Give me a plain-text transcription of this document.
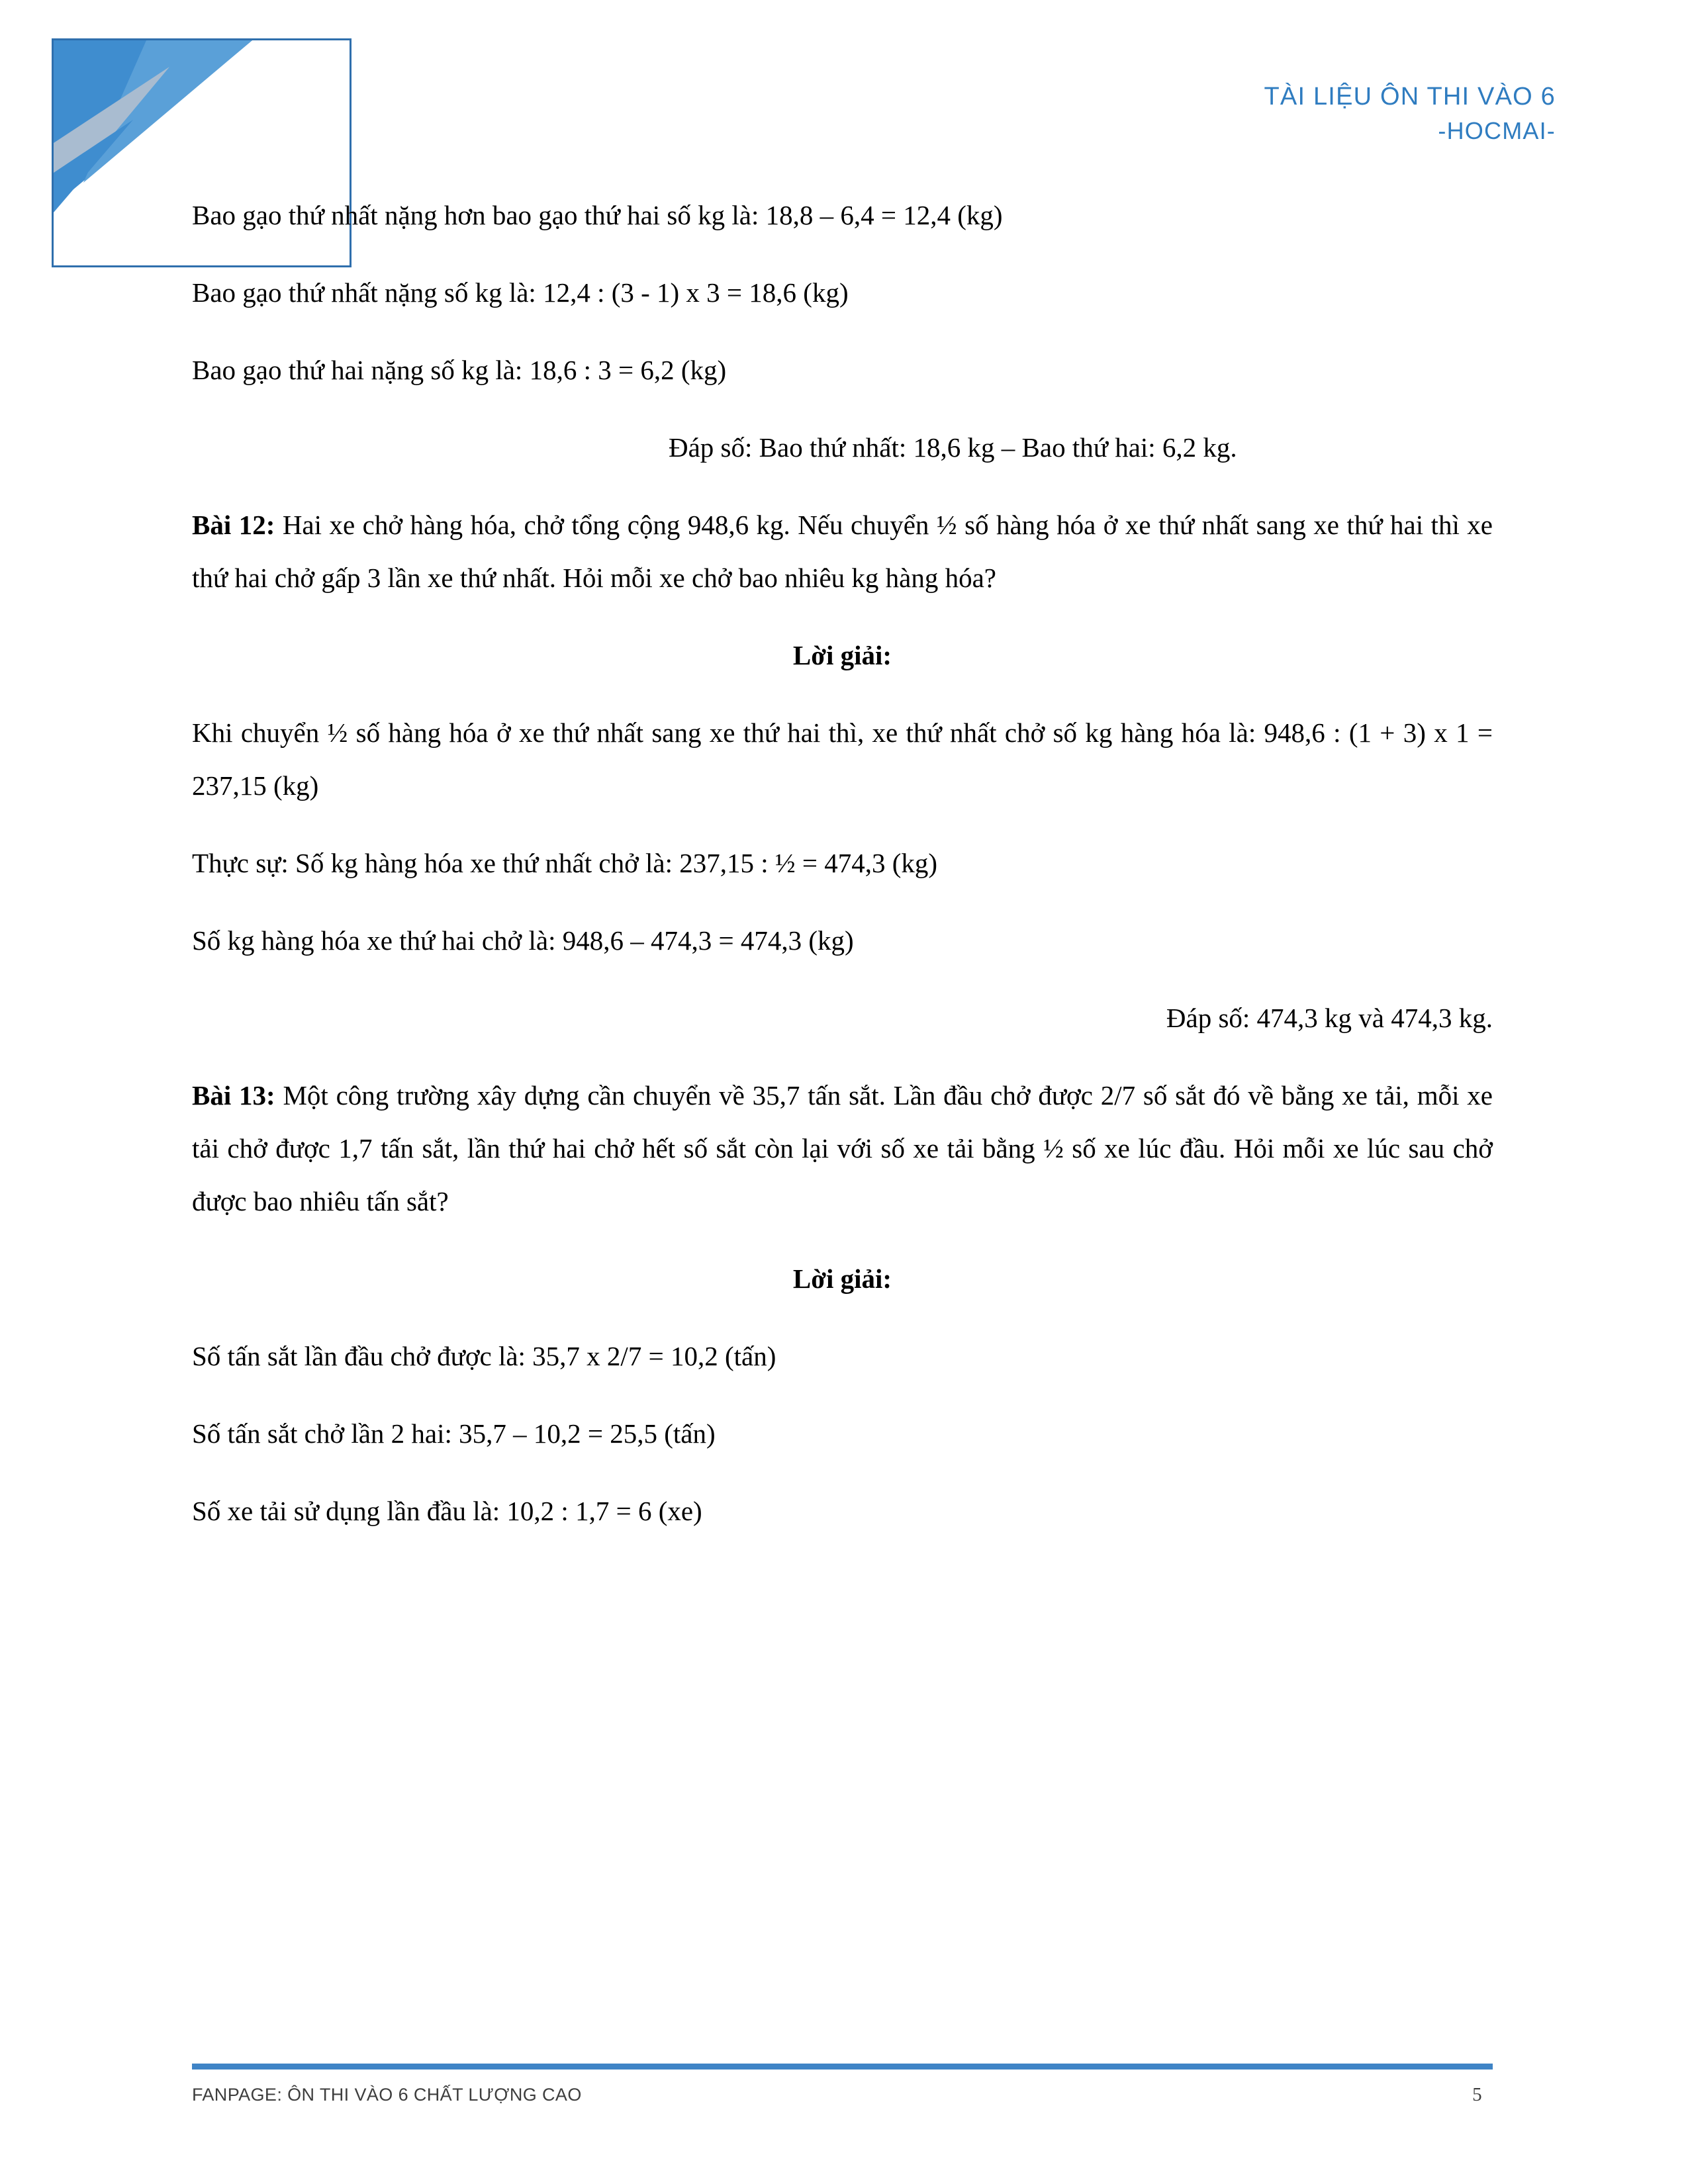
TÀI LIỆU ÔN THI VÀO 6
-HOCMAI-

Bao gạo thứ nhất nặng hơn bao gạo thứ hai số kg là: 18,8 – 6,4 = 12,4 (kg)

Bao gạo thứ nhất nặng số kg là: 12,4 : (3 - 1) x 3 = 18,6 (kg)

Bao gạo thứ hai nặng số kg là: 18,6 : 3 = 6,2 (kg)

Đáp số: Bao thứ nhất: 18,6 kg – Bao thứ hai: 6,2 kg.

Bài 12: Hai xe chở hàng hóa, chở tổng cộng 948,6 kg. Nếu chuyển ½ số hàng hóa ở xe thứ nhất sang xe thứ hai thì xe thứ hai chở gấp 3 lần xe thứ nhất. Hỏi mỗi xe chở bao nhiêu kg hàng hóa?

Lời giải:

Khi chuyển ½ số hàng hóa ở xe thứ nhất sang xe thứ hai thì, xe thứ nhất chở số kg hàng hóa là: 948,6 : (1 + 3) x 1 = 237,15 (kg)

Thực sự: Số kg hàng hóa xe thứ nhất chở là: 237,15 : ½ = 474,3 (kg)

Số kg hàng hóa xe thứ hai chở là: 948,6 – 474,3 = 474,3 (kg)

Đáp số: 474,3 kg và 474,3 kg.

Bài 13: Một công trường xây dựng cần chuyển về 35,7 tấn sắt. Lần đầu chở được 2/7 số sắt đó về bằng xe tải, mỗi xe tải chở được 1,7 tấn sắt, lần thứ hai chở hết số sắt còn lại với số xe tải bằng ½ số xe lúc đầu. Hỏi mỗi xe lúc sau chở được bao nhiêu tấn sắt?

Lời giải:

Số tấn sắt lần đầu chở được là: 35,7 x 2/7 = 10,2 (tấn)

Số tấn sắt chở lần 2 hai: 35,7 – 10,2 = 25,5 (tấn)

Số xe tải sử dụng lần đầu là: 10,2 : 1,7 = 6 (xe)

FANPAGE: ÔN THI VÀO 6 CHẤT LƯỢNG CAO	5
